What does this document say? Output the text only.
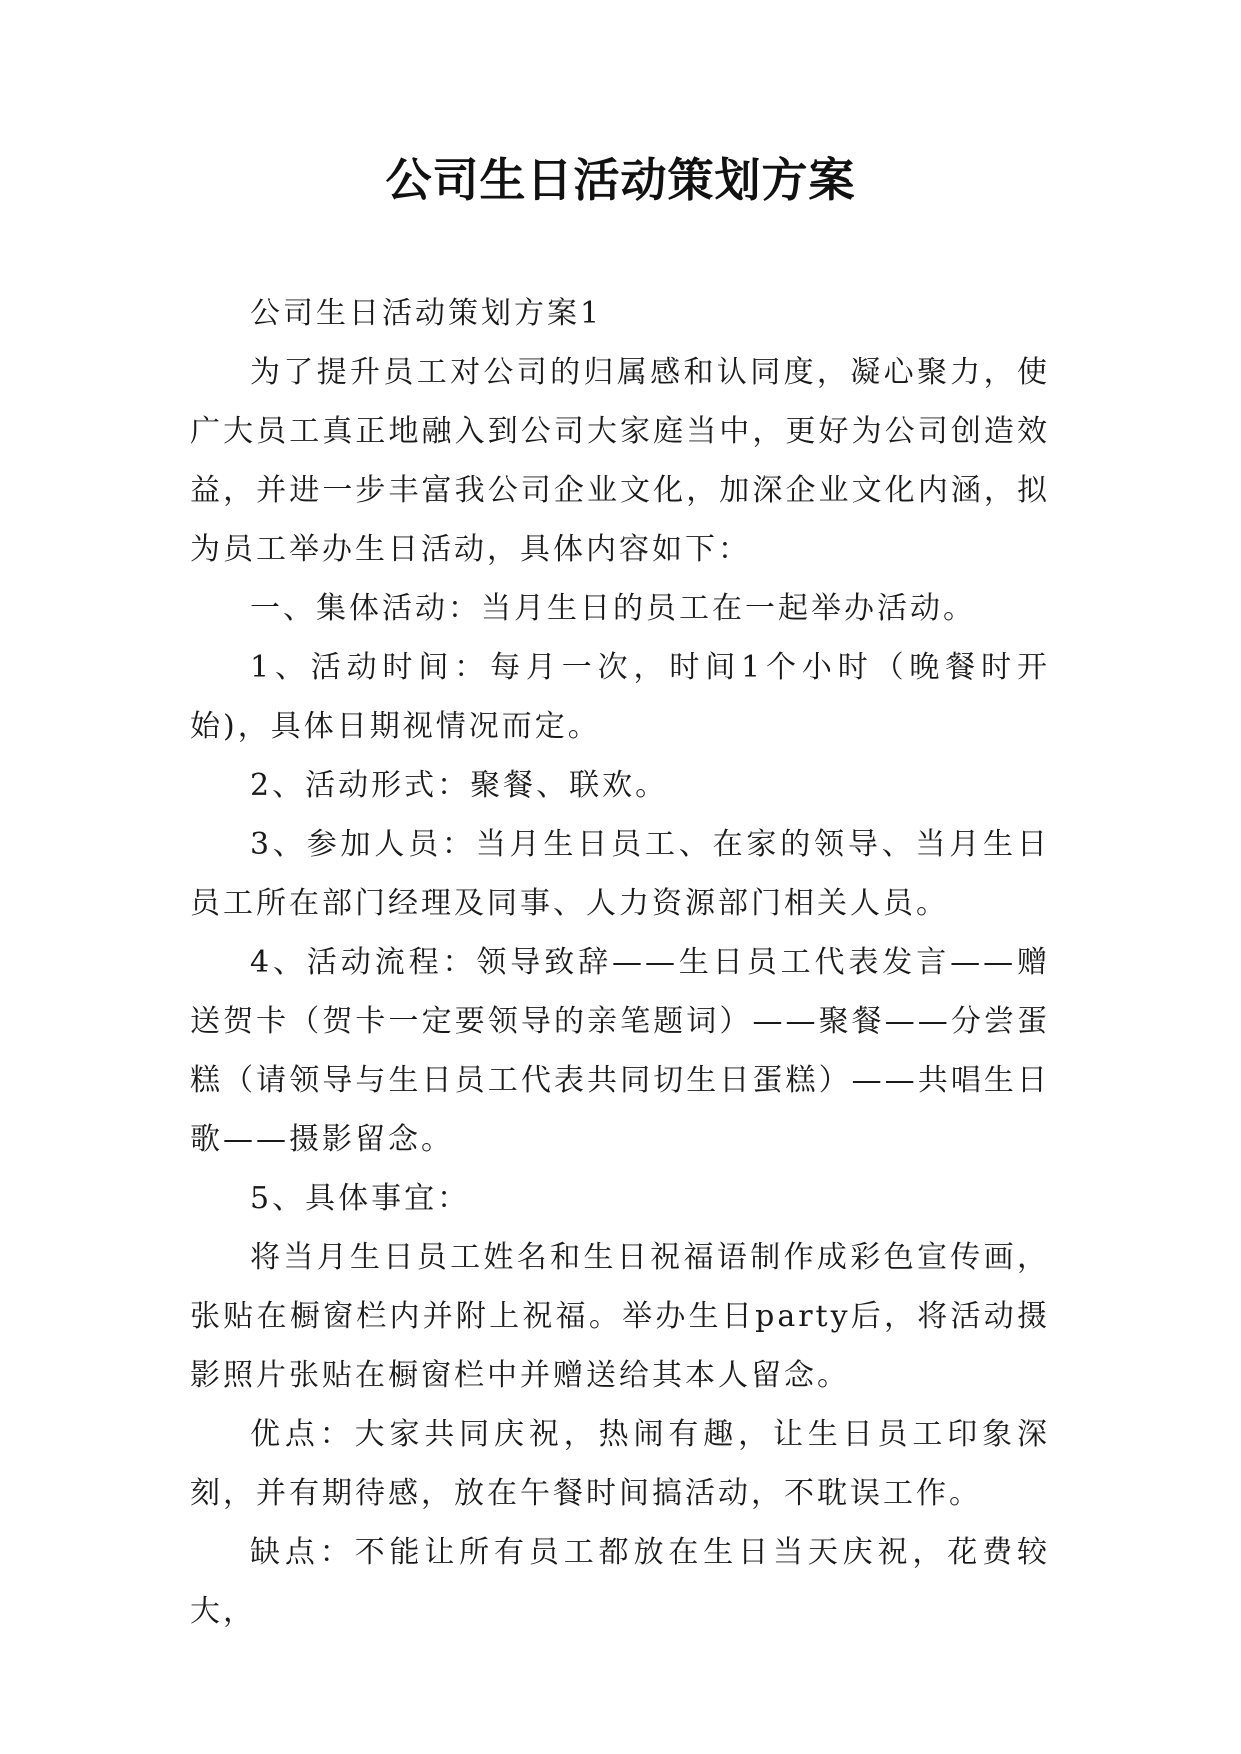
公司生日活动策划方案

公司生日活动策划方案1

为了提升员工对公司的归属感和认同度，凝心聚力，使广大员工真正地融入到公司大家庭当中，更好为公司创造效益，并进一步丰富我公司企业文化，加深企业文化内涵，拟为员工举办生日活动，具体内容如下：

一、集体活动：当月生日的员工在一起举办活动。

1、活动时间：每月一次，时间1个小时（晚餐时开始)，具体日期视情况而定。

2、活动形式：聚餐、联欢。

3、参加人员：当月生日员工、在家的领导、当月生日员工所在部门经理及同事、人力资源部门相关人员。

4、活动流程：领导致辞——生日员工代表发言——赠送贺卡（贺卡一定要领导的亲笔题词）——聚餐——分尝蛋糕（请领导与生日员工代表共同切生日蛋糕）——共唱生日歌——摄影留念。

5、具体事宜：

将当月生日员工姓名和生日祝福语制作成彩色宣传画，张贴在橱窗栏内并附上祝福。举办生日party后，将活动摄影照片张贴在橱窗栏中并赠送给其本人留念。

优点：大家共同庆祝，热闹有趣，让生日员工印象深刻，并有期待感，放在午餐时间搞活动，不耽误工作。

缺点：不能让所有员工都放在生日当天庆祝，花费较大，
